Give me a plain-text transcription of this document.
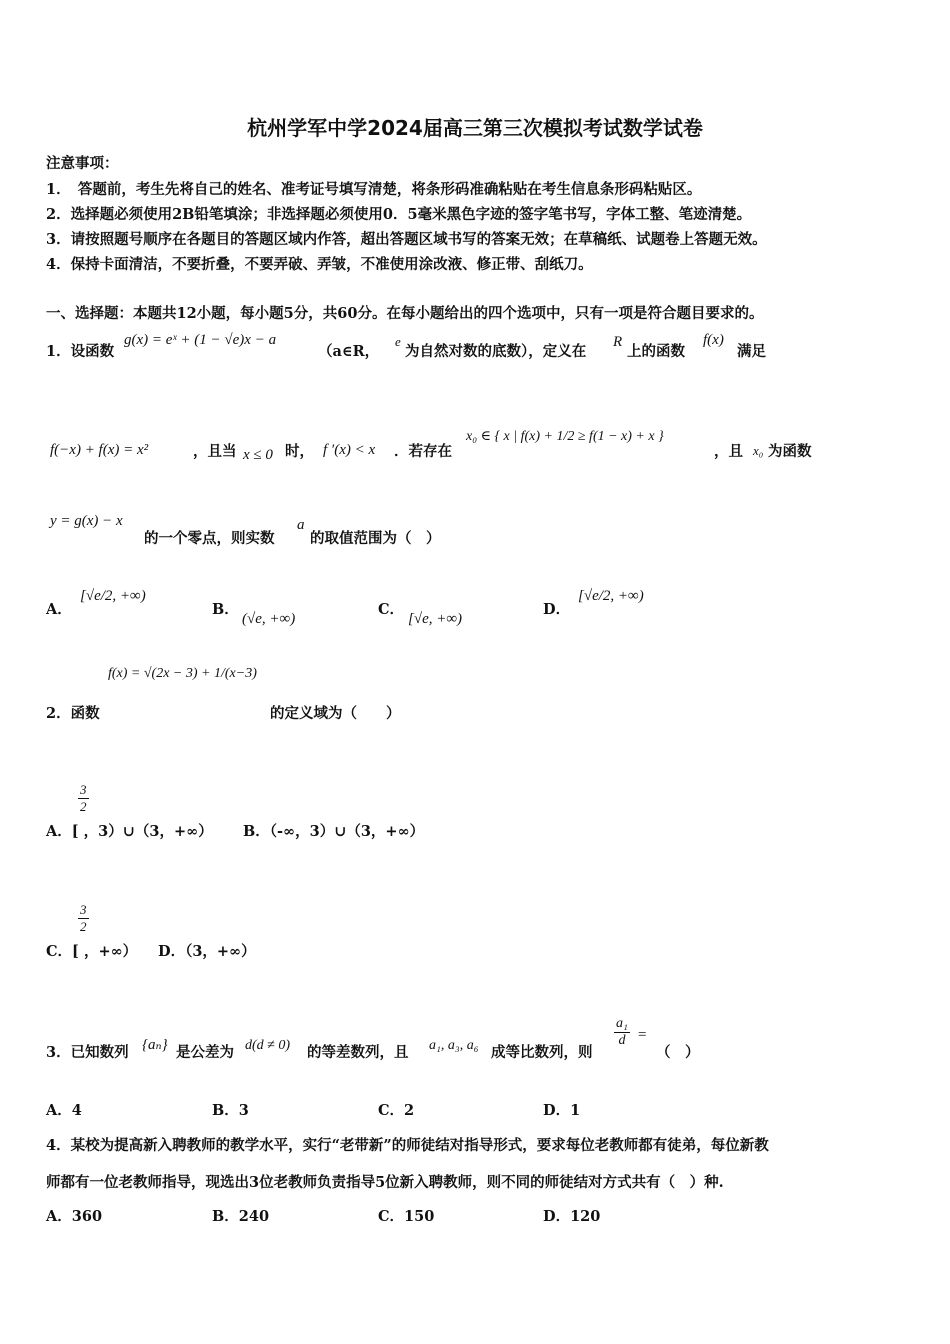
杭州学军中学2024届高三第三次模拟考试数学试卷
注意事项：
1．　答题前，考生先将自己的姓名、准考证号填写清楚，将条形码准确粘贴在考生信息条形码粘贴区。
2．选择题必须使用2B铅笔填涂；非选择题必须使用0．5毫米黑色字迹的签字笔书写，字体工整、笔迹清楚。
3．请按照题号顺序在各题目的答题区域内作答，超出答题区域书写的答案无效；在草稿纸、试题卷上答题无效。
4．保持卡面清洁，不要折叠，不要弄破、弄皱，不准使用涂改液、修正带、刮纸刀。
一、选择题：本题共12小题，每小题5分，共60分。在每小题给出的四个选项中，只有一项是符合题目要求的。
1．设函数
g(x) = eˣ + (1 − √e)x − a
（a∈R，
e
为自然对数的底数），定义在
R
上的函数
f(x)
满足
f(−x) + f(x) = x²	，且当 x ≤ 0 时， f ′(x) < x ．若存在
x₀ ∈ { x | f(x) + 1/2 ≥ f(1 − x) + x }
，且 x₀ 为函数
y = g(x) − x
的一个零点，则实数
a
的取值范围为（　）
A．
[√e/2, +∞)
B．
(√e, +∞)
C．
[√e, +∞)
D．
[√e/2, +∞)
f(x) = √(2x − 3) + 1/(x−3)
2．函数	的定义域为（　　）
$\frac{3}{2}$
A．[ ，3）∪（3，+∞） B．（-∞，3）∪（3，+∞）
$\frac{3}{2}$
C．[ ，+∞） D．（3，+∞）
3．已知数列 {aₙ} 是公差为 d(d ≠ 0) 的等差数列，且 a₁, a₃, a₆ 成等比数列，则
$\frac{\text{a₁}}{d}$ =
（　）
A．4	B．3	C．2	D．1
4．某校为提高新入聘教师的教学水平，实行“老带新”的师徒结对指导形式，要求每位老教师都有徒弟，每位新教
师都有一位老教师指导，现选出3位老教师负责指导5位新入聘教师，则不同的师徒结对方式共有（　）种.
A．360	B．240	C．150	D．120
